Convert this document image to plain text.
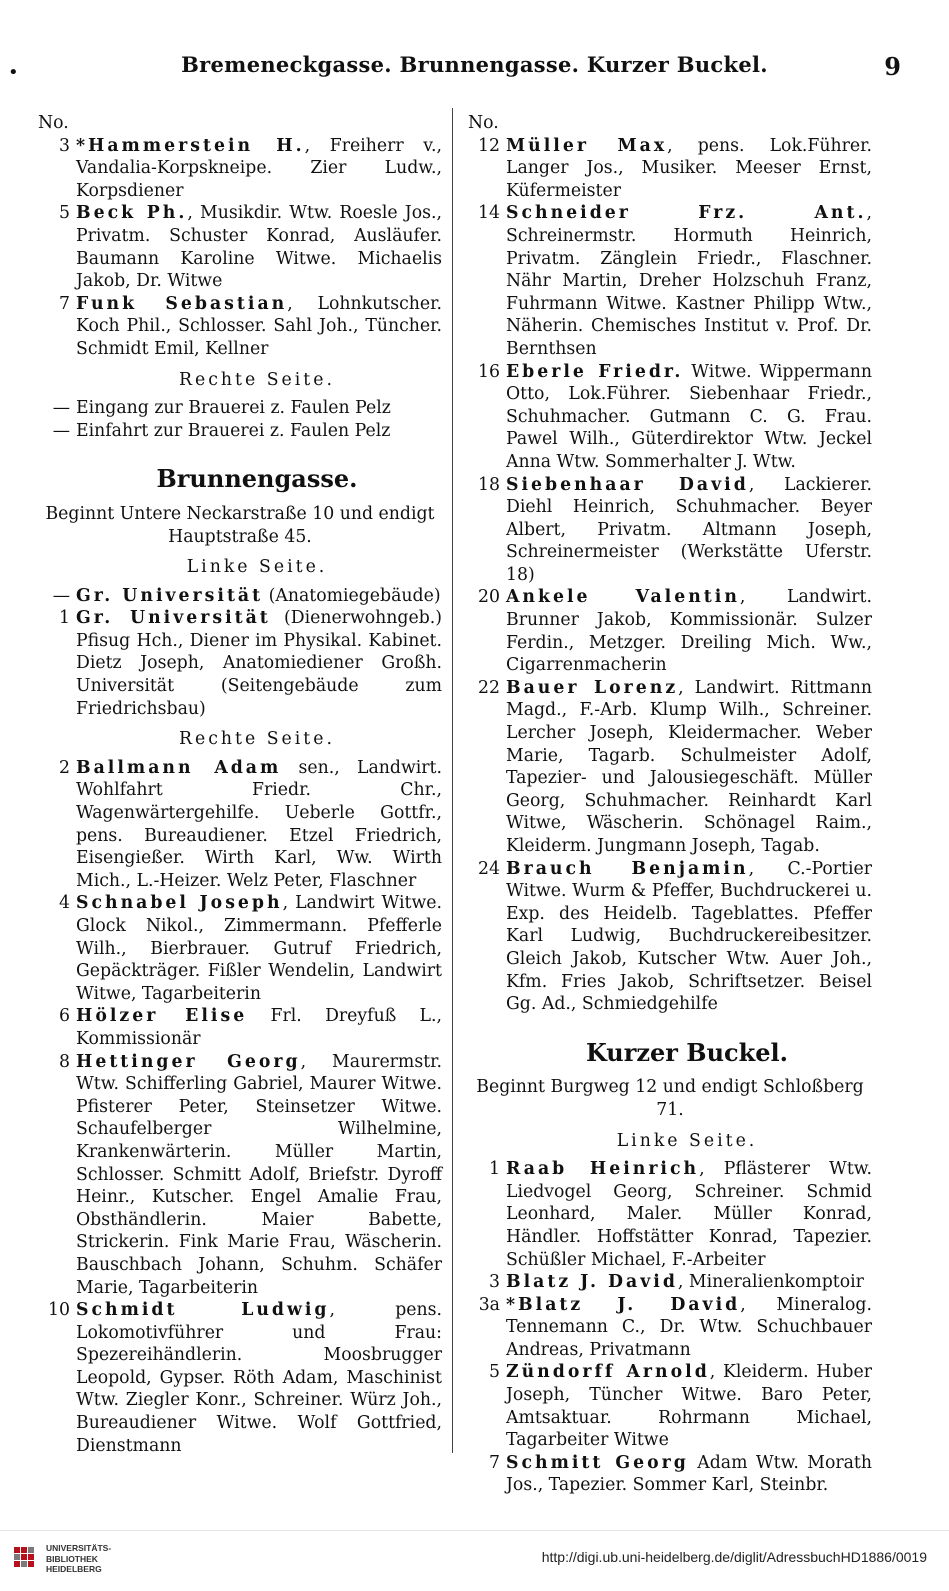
•	Bremeneckgasse. Brunnengasse. Kurzer Buckel.	9
No.
3 *Hammerstein H., Freiherr v., Vandalia-Korpskneipe. Zier Ludw., Korpsdiener
5 Beck Ph., Musikdir. Wtw. Roesle Jos., Privatm. Schuster Konrad, Ausläufer. Baumann Karoline Witwe. Michaelis Jakob, Dr. Witwe
7 Funk Sebastian, Lohnkutscher. Koch Phil., Schlosser. Sahl Joh., Tüncher. Schmidt Emil, Kellner
Rechte Seite.
— Eingang zur Brauerei z. Faulen Pelz
— Einfahrt zur Brauerei z. Faulen Pelz
Brunnengasse.
Beginnt Untere Neckarstraße 10 und endigt Hauptstraße 45.
Linke Seite.
— Gr. Universität (Anatomiegebäude)
1 Gr. Universität (Dienerwohngeb.) Pfisug Hch., Diener im Physikal. Kabinet. Dietz Joseph, Anatomiediener Großh. Universität (Seitengebäude zum Friedrichsbau)
Rechte Seite.
2 Ballmann Adam sen., Landwirt. Wohlfahrt Friedr. Chr., Wagenwärtergehilfe. Ueberle Gottfr., pens. Bureaudiener. Etzel Friedrich, Eisengießer. Wirth Karl, Ww. Wirth Mich., L.-Heizer. Welz Peter, Flaschner
4 Schnabel Joseph, Landwirt Witwe. Glock Nikol., Zimmermann. Pfefferle Wilh., Bierbrauer. Gutruf Friedrich, Gepäckträger. Fißler Wendelin, Landwirt Witwe, Tagarbeiterin
6 Hölzer Elise Frl. Dreyfuß L., Kommissionär
8 Hettinger Georg, Maurermstr. Wtw. Schifferling Gabriel, Maurer Witwe. Pfisterer Peter, Steinsetzer Witwe. Schaufelberger Wilhelmine, Krankenwärterin. Müller Martin, Schlosser. Schmitt Adolf, Briefstr. Dyroff Heinr., Kutscher. Engel Amalie Frau, Obsthändlerin. Maier Babette, Strickerin. Fink Marie Frau, Wäscherin. Bauschbach Johann, Schuhm. Schäfer Marie, Tagarbeiterin
10 Schmidt Ludwig, pens. Lokomotivführer und Frau: Spezereihändlerin. Moosbrugger Leopold, Gypser. Röth Adam, Maschinist Wtw. Ziegler Konr., Schreiner. Würz Joh., Bureaudiener Witwe. Wolf Gottfried, Dienstmann
No.
12 Müller Max, pens. Lok.Führer. Langer Jos., Musiker. Meeser Ernst, Küfermeister
14 Schneider Frz. Ant., Schreinermstr. Hormuth Heinrich, Privatm. Zänglein Friedr., Flaschner. Nähr Martin, Dreher Holzschuh Franz, Fuhrmann Witwe. Kastner Philipp Wtw., Näherin. Chemisches Institut v. Prof. Dr. Bernthsen
16 Eberle Friedr. Witwe. Wippermann Otto, Lok.Führer. Siebenhaar Friedr., Schuhmacher. Gutmann C. G. Frau. Pawel Wilh., Güterdirektor Wtw. Jeckel Anna Wtw. Sommerhalter J. Wtw.
18 Siebenhaar David, Lackierer. Diehl Heinrich, Schuhmacher. Beyer Albert, Privatm. Altmann Joseph, Schreinermeister (Werkstätte Uferstr. 18)
20 Ankele Valentin, Landwirt. Brunner Jakob, Kommissionär. Sulzer Ferdin., Metzger. Dreiling Mich. Ww., Cigarrenmacherin
22 Bauer Lorenz, Landwirt. Rittmann Magd., F.-Arb. Klump Wilh., Schreiner. Lercher Joseph, Kleidermacher. Weber Marie, Tagarb. Schulmeister Adolf, Tapezier- und Jalousiegeschäft. Müller Georg, Schuhmacher. Reinhardt Karl Witwe, Wäscherin. Schönagel Raim., Kleiderm. Jungmann Joseph, Tagab.
24 Brauch Benjamin, C.-Portier Witwe. Wurm & Pfeffer, Buchdruckerei u. Exp. des Heidelb. Tageblattes. Pfeffer Karl Ludwig, Buchdruckereibesitzer. Gleich Jakob, Kutscher Wtw. Auer Joh., Kfm. Fries Jakob, Schriftsetzer. Beisel Gg. Ad., Schmiedgehilfe
Kurzer Buckel.
Beginnt Burgweg 12 und endigt Schloßberg 71.
Linke Seite.
1 Raab Heinrich, Pflästerer Wtw. Liedvogel Georg, Schreiner. Schmid Leonhard, Maler. Müller Konrad, Händler. Hoffstätter Konrad, Tapezier. Schüßler Michael, F.-Arbeiter
3 Blatz J. David, Mineralienkomptoir
3a *Blatz J. David, Mineralog. Tennemann C., Dr. Wtw. Schuchbauer Andreas, Privatmann
5 Zündorff Arnold, Kleiderm. Huber Joseph, Tüncher Witwe. Baro Peter, Amtsaktuar. Rohrmann Michael, Tagarbeiter Witwe
7 Schmitt Georg Adam Wtw. Morath Jos., Tapezier. Sommer Karl, Steinbr.
UNIVERSITÄTS-
BIBLIOTHEK
HEIDELBERG
http://digi.ub.uni-heidelberg.de/diglit/AdressbuchHD1886/0019
